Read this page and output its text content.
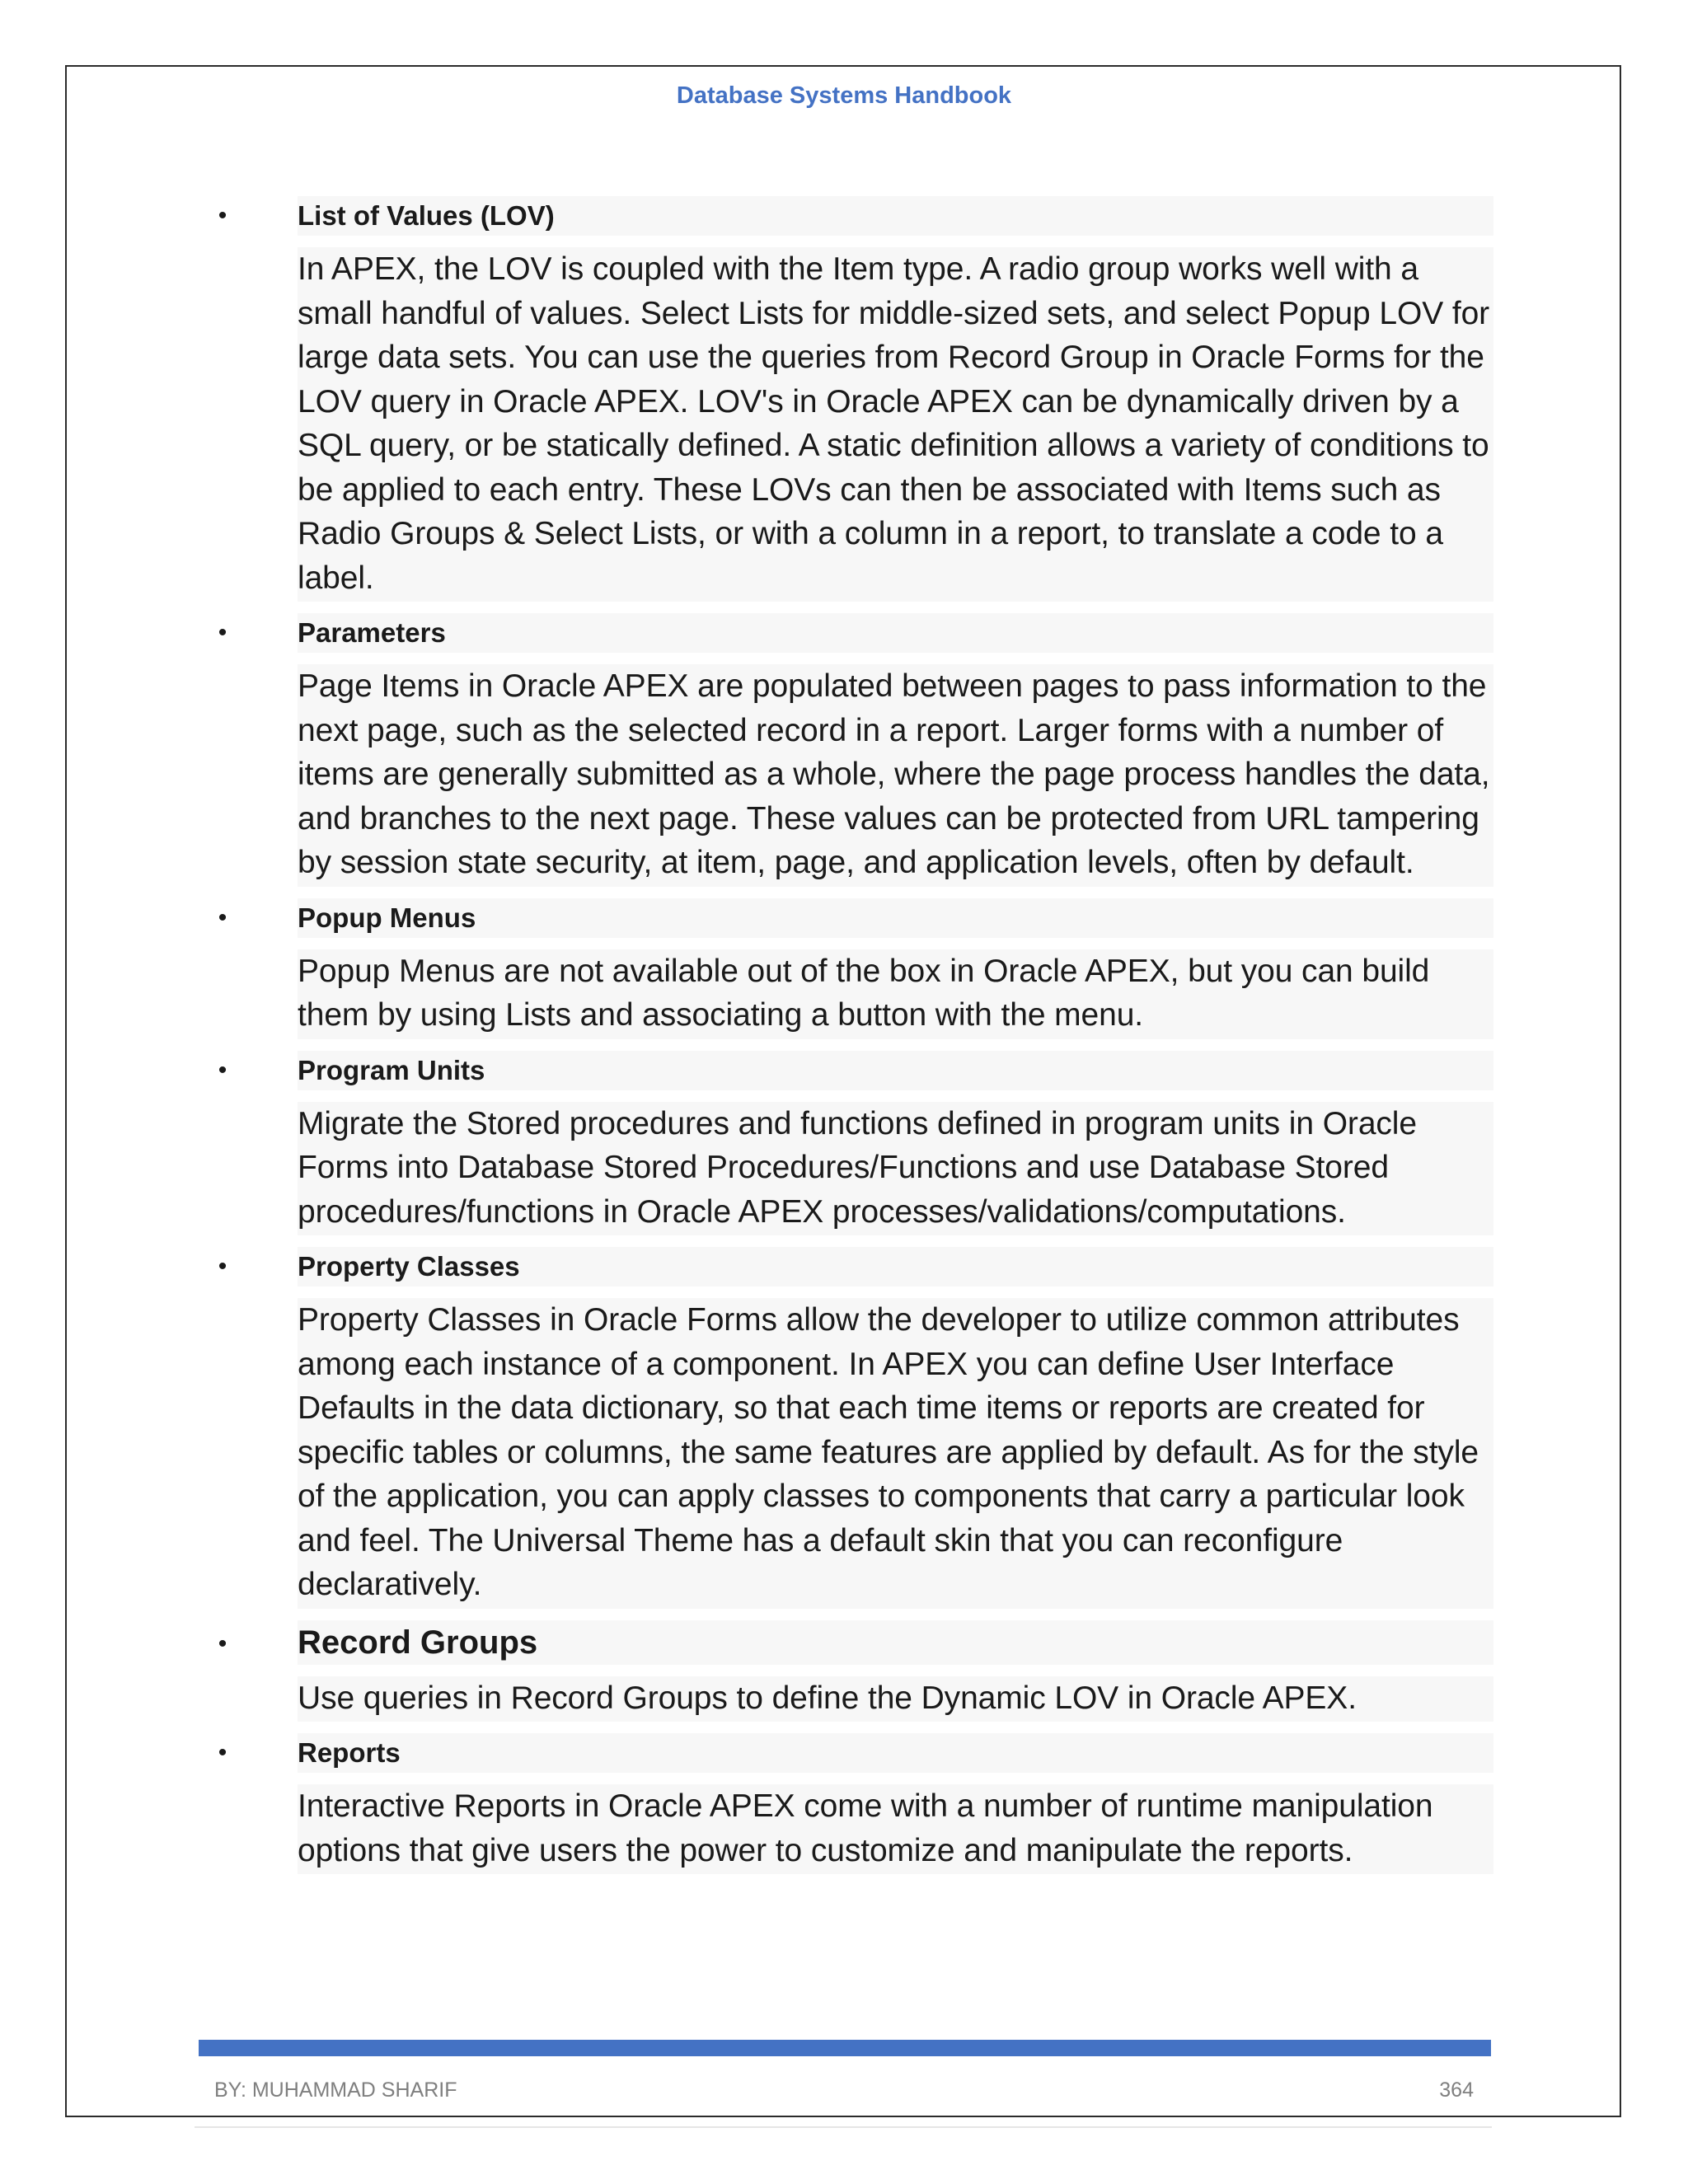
Database Systems Handbook
•	List of Values (LOV)
In APEX, the LOV is coupled with the Item type. A radio group works well with a small handful of values. Select Lists for middle-sized sets, and select Popup LOV for large data sets. You can use the queries from Record Group in Oracle Forms for the LOV query in Oracle APEX. LOV's in Oracle APEX can be dynamically driven by a SQL query, or be statically defined. A static definition allows a variety of conditions to be applied to each entry. These LOVs can then be associated with Items such as Radio Groups & Select Lists, or with a column in a report, to translate a code to a label.
•	Parameters
Page Items in Oracle APEX are populated between pages to pass information to the next page, such as the selected record in a report. Larger forms with a number of items are generally submitted as a whole, where the page process handles the data, and branches to the next page. These values can be protected from URL tampering by session state security, at item, page, and application levels, often by default.
•	Popup Menus
Popup Menus are not available out of the box in Oracle APEX, but you can build them by using Lists and associating a button with the menu.
•	Program Units
Migrate the Stored procedures and functions defined in program units in Oracle Forms into Database Stored Procedures/Functions and use Database Stored procedures/functions in Oracle APEX processes/validations/computations.
•	Property Classes
Property Classes in Oracle Forms allow the developer to utilize common attributes among each instance of a component. In APEX you can define User Interface Defaults in the data dictionary, so that each time items or reports are created for specific tables or columns, the same features are applied by default. As for the style of the application, you can apply classes to components that carry a particular look and feel. The Universal Theme has a default skin that you can reconfigure declaratively.
•	Record Groups
Use queries in Record Groups to define the Dynamic LOV in Oracle APEX.
•	Reports
Interactive Reports in Oracle APEX come with a number of runtime manipulation options that give users the power to customize and manipulate the reports.
BY: MUHAMMAD SHARIF	364
